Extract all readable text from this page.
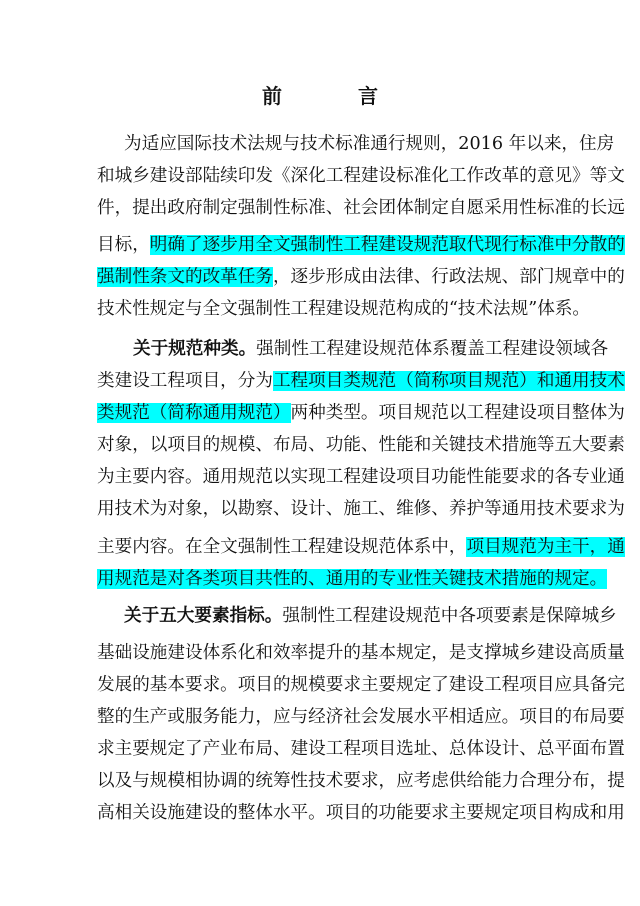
前　言

为适应国际技术法规与技术标准通行规则，2016 年以来，住房

和城乡建设部陆续印发《深化工程建设标准化工作改革的意见》等文

件，提出政府制定强制性标准、社会团体制定自愿采用性标准的长远

目标，明确了逐步用全文强制性工程建设规范取代现行标准中分散的

强制性条文的改革任务，逐步形成由法律、行政法规、部门规章中的

技术性规定与全文强制性工程建设规范构成的“技术法规”体系。

关于规范种类。强制性工程建设规范体系覆盖工程建设领域各

类建设工程项目，分为工程项目类规范（简称项目规范）和通用技术

类规范（简称通用规范）两种类型。项目规范以工程建设项目整体为

对象，以项目的规模、布局、功能、性能和关键技术措施等五大要素

为主要内容。通用规范以实现工程建设项目功能性能要求的各专业通

用技术为对象，以勘察、设计、施工、维修、养护等通用技术要求为

主要内容。在全文强制性工程建设规范体系中，项目规范为主干，通

用规范是对各类项目共性的、通用的专业性关键技术措施的规定。

关于五大要素指标。强制性工程建设规范中各项要素是保障城乡

基础设施建设体系化和效率提升的基本规定，是支撑城乡建设高质量

发展的基本要求。项目的规模要求主要规定了建设工程项目应具备完

整的生产或服务能力，应与经济社会发展水平相适应。项目的布局要

求主要规定了产业布局、建设工程项目选址、总体设计、总平面布置

以及与规模相协调的统筹性技术要求，应考虑供给能力合理分布，提

高相关设施建设的整体水平。项目的功能要求主要规定项目构成和用
